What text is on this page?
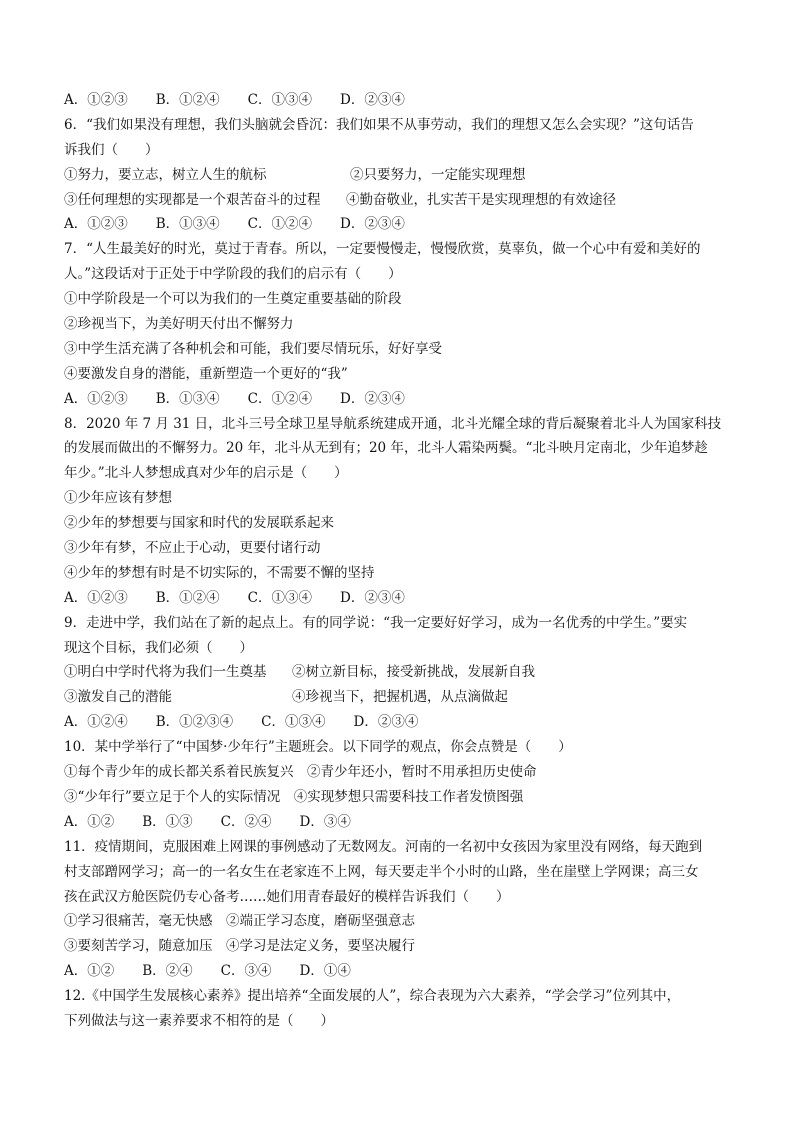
A．①②③ B．①②④ C．①③④ D．②③④
6．“我们如果没有理想，我们头脑就会昏沉：我们如果不从事劳动，我们的理想又怎么会实现？”这句话告
诉我们（　　）
①努力，要立志，树立人生的航标	②只要努力，一定能实现理想
③任何理想的实现都是一个艰苦奋斗的过程	④勤奋敬业，扎实苦干是实现理想的有效途径
A．①②③ B．①③④ C．①②④ D．②③④
7．“人生最美好的时光，莫过于青春。所以，一定要慢慢走，慢慢欣赏，莫辜负，做一个心中有爱和美好的
人。”这段话对于正处于中学阶段的我们的启示有（　　）
①中学阶段是一个可以为我们的一生奠定重要基础的阶段
②珍视当下，为美好明天付出不懈努力
③中学生活充满了各种机会和可能，我们要尽情玩乐，好好享受
④要激发自身的潜能，重新塑造一个更好的“我”
A．①②③ B．①③④ C．①②④ D．②③④
8．2020 年 7 月 31 日，北斗三号全球卫星导航系统建成开通，北斗光耀全球的背后凝聚着北斗人为国家科技
的发展而做出的不懈努力。20 年，北斗从无到有；20 年，北斗人霜染两鬓。“北斗映月定南北，少年追梦趁
年少。”北斗人梦想成真对少年的启示是（　　）
①少年应该有梦想
②少年的梦想要与国家和时代的发展联系起来
③少年有梦，不应止于心动，更要付诸行动
④少年的梦想有时是不切实际的，不需要不懈的坚持
A．①②③ B．①②④ C．①③④ D．②③④
9．走进中学，我们站在了新的起点上。有的同学说：“我一定要好好学习，成为一名优秀的中学生。”要实
现这个目标，我们必须（　　）
①明白中学时代将为我们一生奠基	②树立新目标，接受新挑战，发展新自我
③激发自己的潜能	④珍视当下，把握机遇，从点滴做起
A．①②④ B．①②③④ C．①③④ D．②③④
10．某中学举行了“中国梦·少年行”主题班会。以下同学的观点，你会点赞是（　　）
①每个青少年的成长都关系着民族复兴　②青少年还小，暂时不用承担历史使命
③“少年行”要立足于个人的实际情况　④实现梦想只需要科技工作者发愤图强
A．①② B．①③ C．②④ D．③④
11．疫情期间，克服困难上网课的事例感动了无数网友。河南的一名初中女孩因为家里没有网络，每天跑到
村支部蹭网学习；高一的一名女生在老家连不上网，每天要走半个小时的山路，坐在崖壁上学网课；高三女
孩在武汉方舱医院仍专心备考……她们用青春最好的模样告诉我们（　　）
①学习很痛苦，毫无快感　②端正学习态度，磨砺坚强意志
③要刻苦学习，随意加压　④学习是法定义务，要坚决履行
A．①② B．②④ C．③④ D．①④
12.《中国学生发展核心素养》提出培养“全面发展的人”，综合表现为六大素养，“学会学习”位列其中，
下列做法与这一素养要求不相符的是（　　）
